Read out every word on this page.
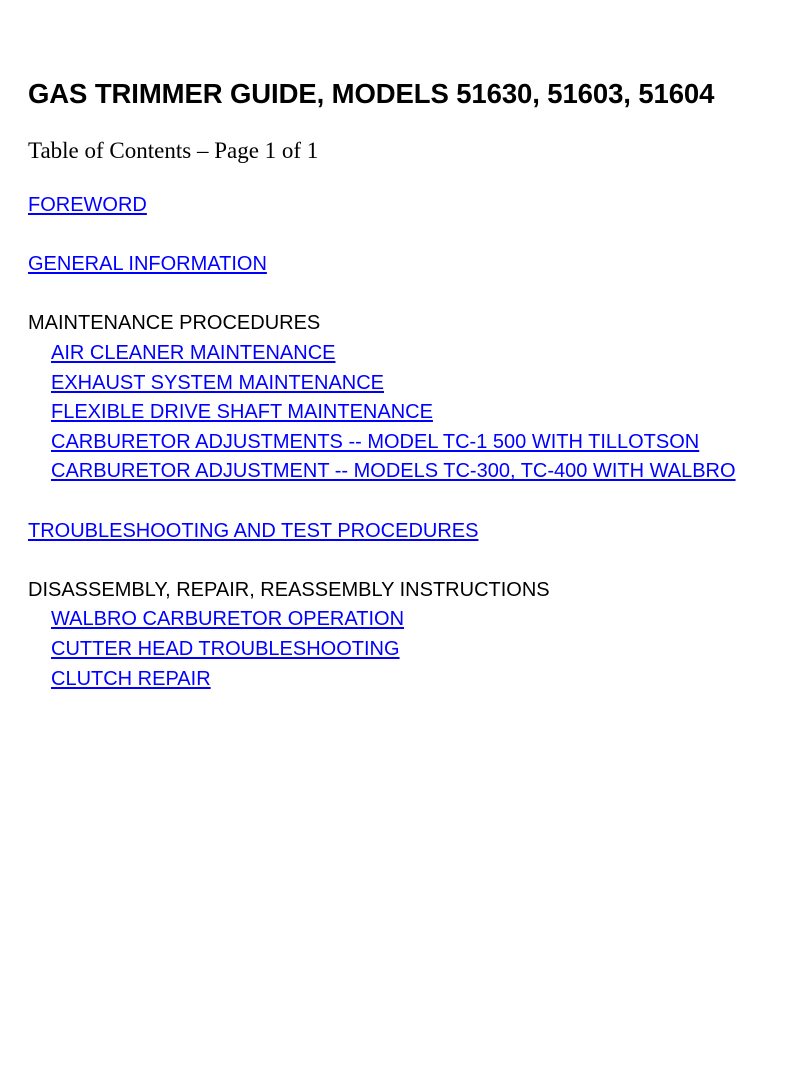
GAS TRIMMER GUIDE, MODELS 51630, 51603, 51604

Table of Contents – Page 1 of 1

FOREWORD
GENERAL INFORMATION
MAINTENANCE PROCEDURES
AIR CLEANER MAINTENANCE
EXHAUST SYSTEM MAINTENANCE
FLEXIBLE DRIVE SHAFT MAINTENANCE
CARBURETOR ADJUSTMENTS -- MODEL TC-1 500 WITH TILLOTSON
CARBURETOR ADJUSTMENT -- MODELS TC-300, TC-400 WITH WALBRO
TROUBLESHOOTING AND TEST PROCEDURES
DISASSEMBLY, REPAIR, REASSEMBLY INSTRUCTIONS
WALBRO CARBURETOR OPERATION
CUTTER HEAD TROUBLESHOOTING
CLUTCH REPAIR
